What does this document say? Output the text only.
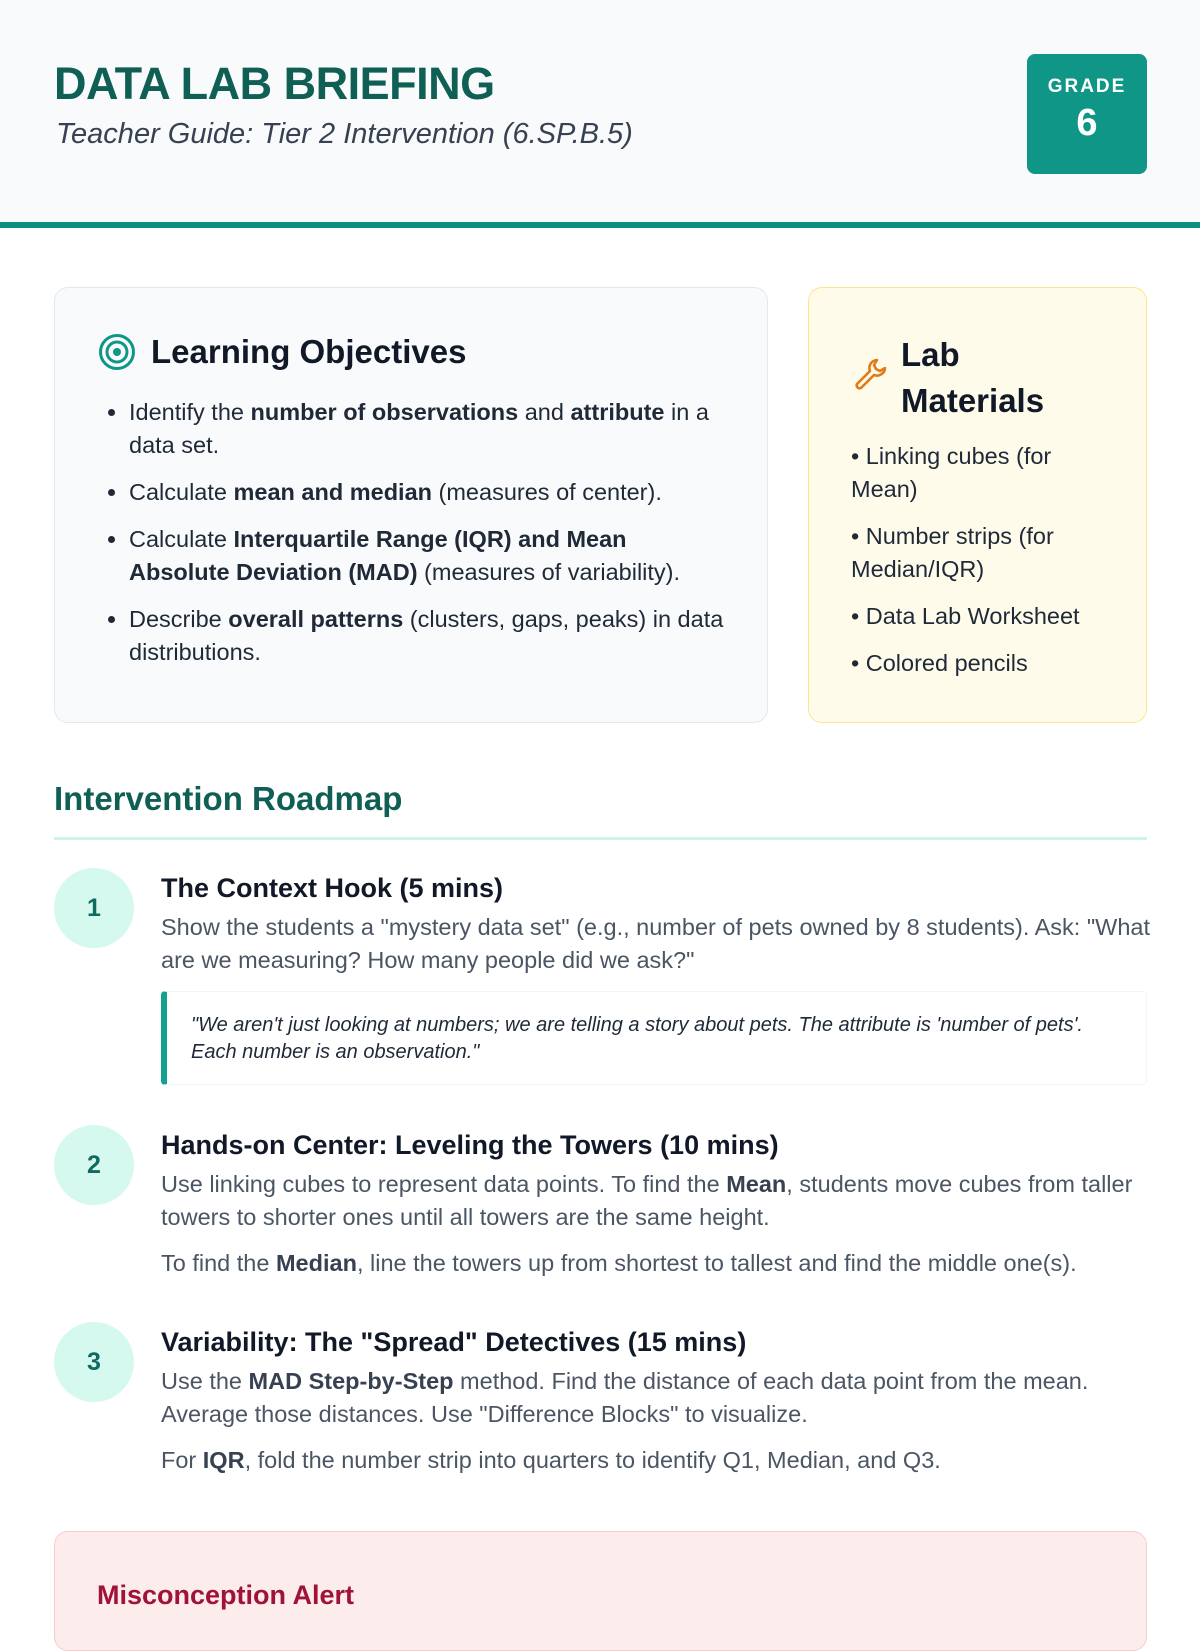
DATA LAB BRIEFING
Teacher Guide: Tier 2 Intervention (6.SP.B.5)
GRADE
6
Learning Objectives
• Identify the number of observations and attribute in a data set.
• Calculate mean and median (measures of center).
• Calculate Interquartile Range (IQR) and Mean Absolute Deviation (MAD) (measures of variability).
• Describe overall patterns (clusters, gaps, peaks) in data distributions.
Lab Materials
• Linking cubes (for Mean)
• Number strips (for Median/IQR)
• Data Lab Worksheet
• Colored pencils
Intervention Roadmap
1
The Context Hook (5 mins)
Show the students a "mystery data set" (e.g., number of pets owned by 8 students). Ask: "What are we measuring? How many people did we ask?"
"We aren't just looking at numbers; we are telling a story about pets. The attribute is 'number of pets'. Each number is an observation."
2
Hands-on Center: Leveling the Towers (10 mins)
Use linking cubes to represent data points. To find the Mean, students move cubes from taller towers to shorter ones until all towers are the same height.
To find the Median, line the towers up from shortest to tallest and find the middle one(s).
3
Variability: The "Spread" Detectives (15 mins)
Use the MAD Step-by-Step method. Find the distance of each data point from the mean. Average those distances. Use "Difference Blocks" to visualize.
For IQR, fold the number strip into quarters to identify Q1, Median, and Q3.
Misconception Alert
